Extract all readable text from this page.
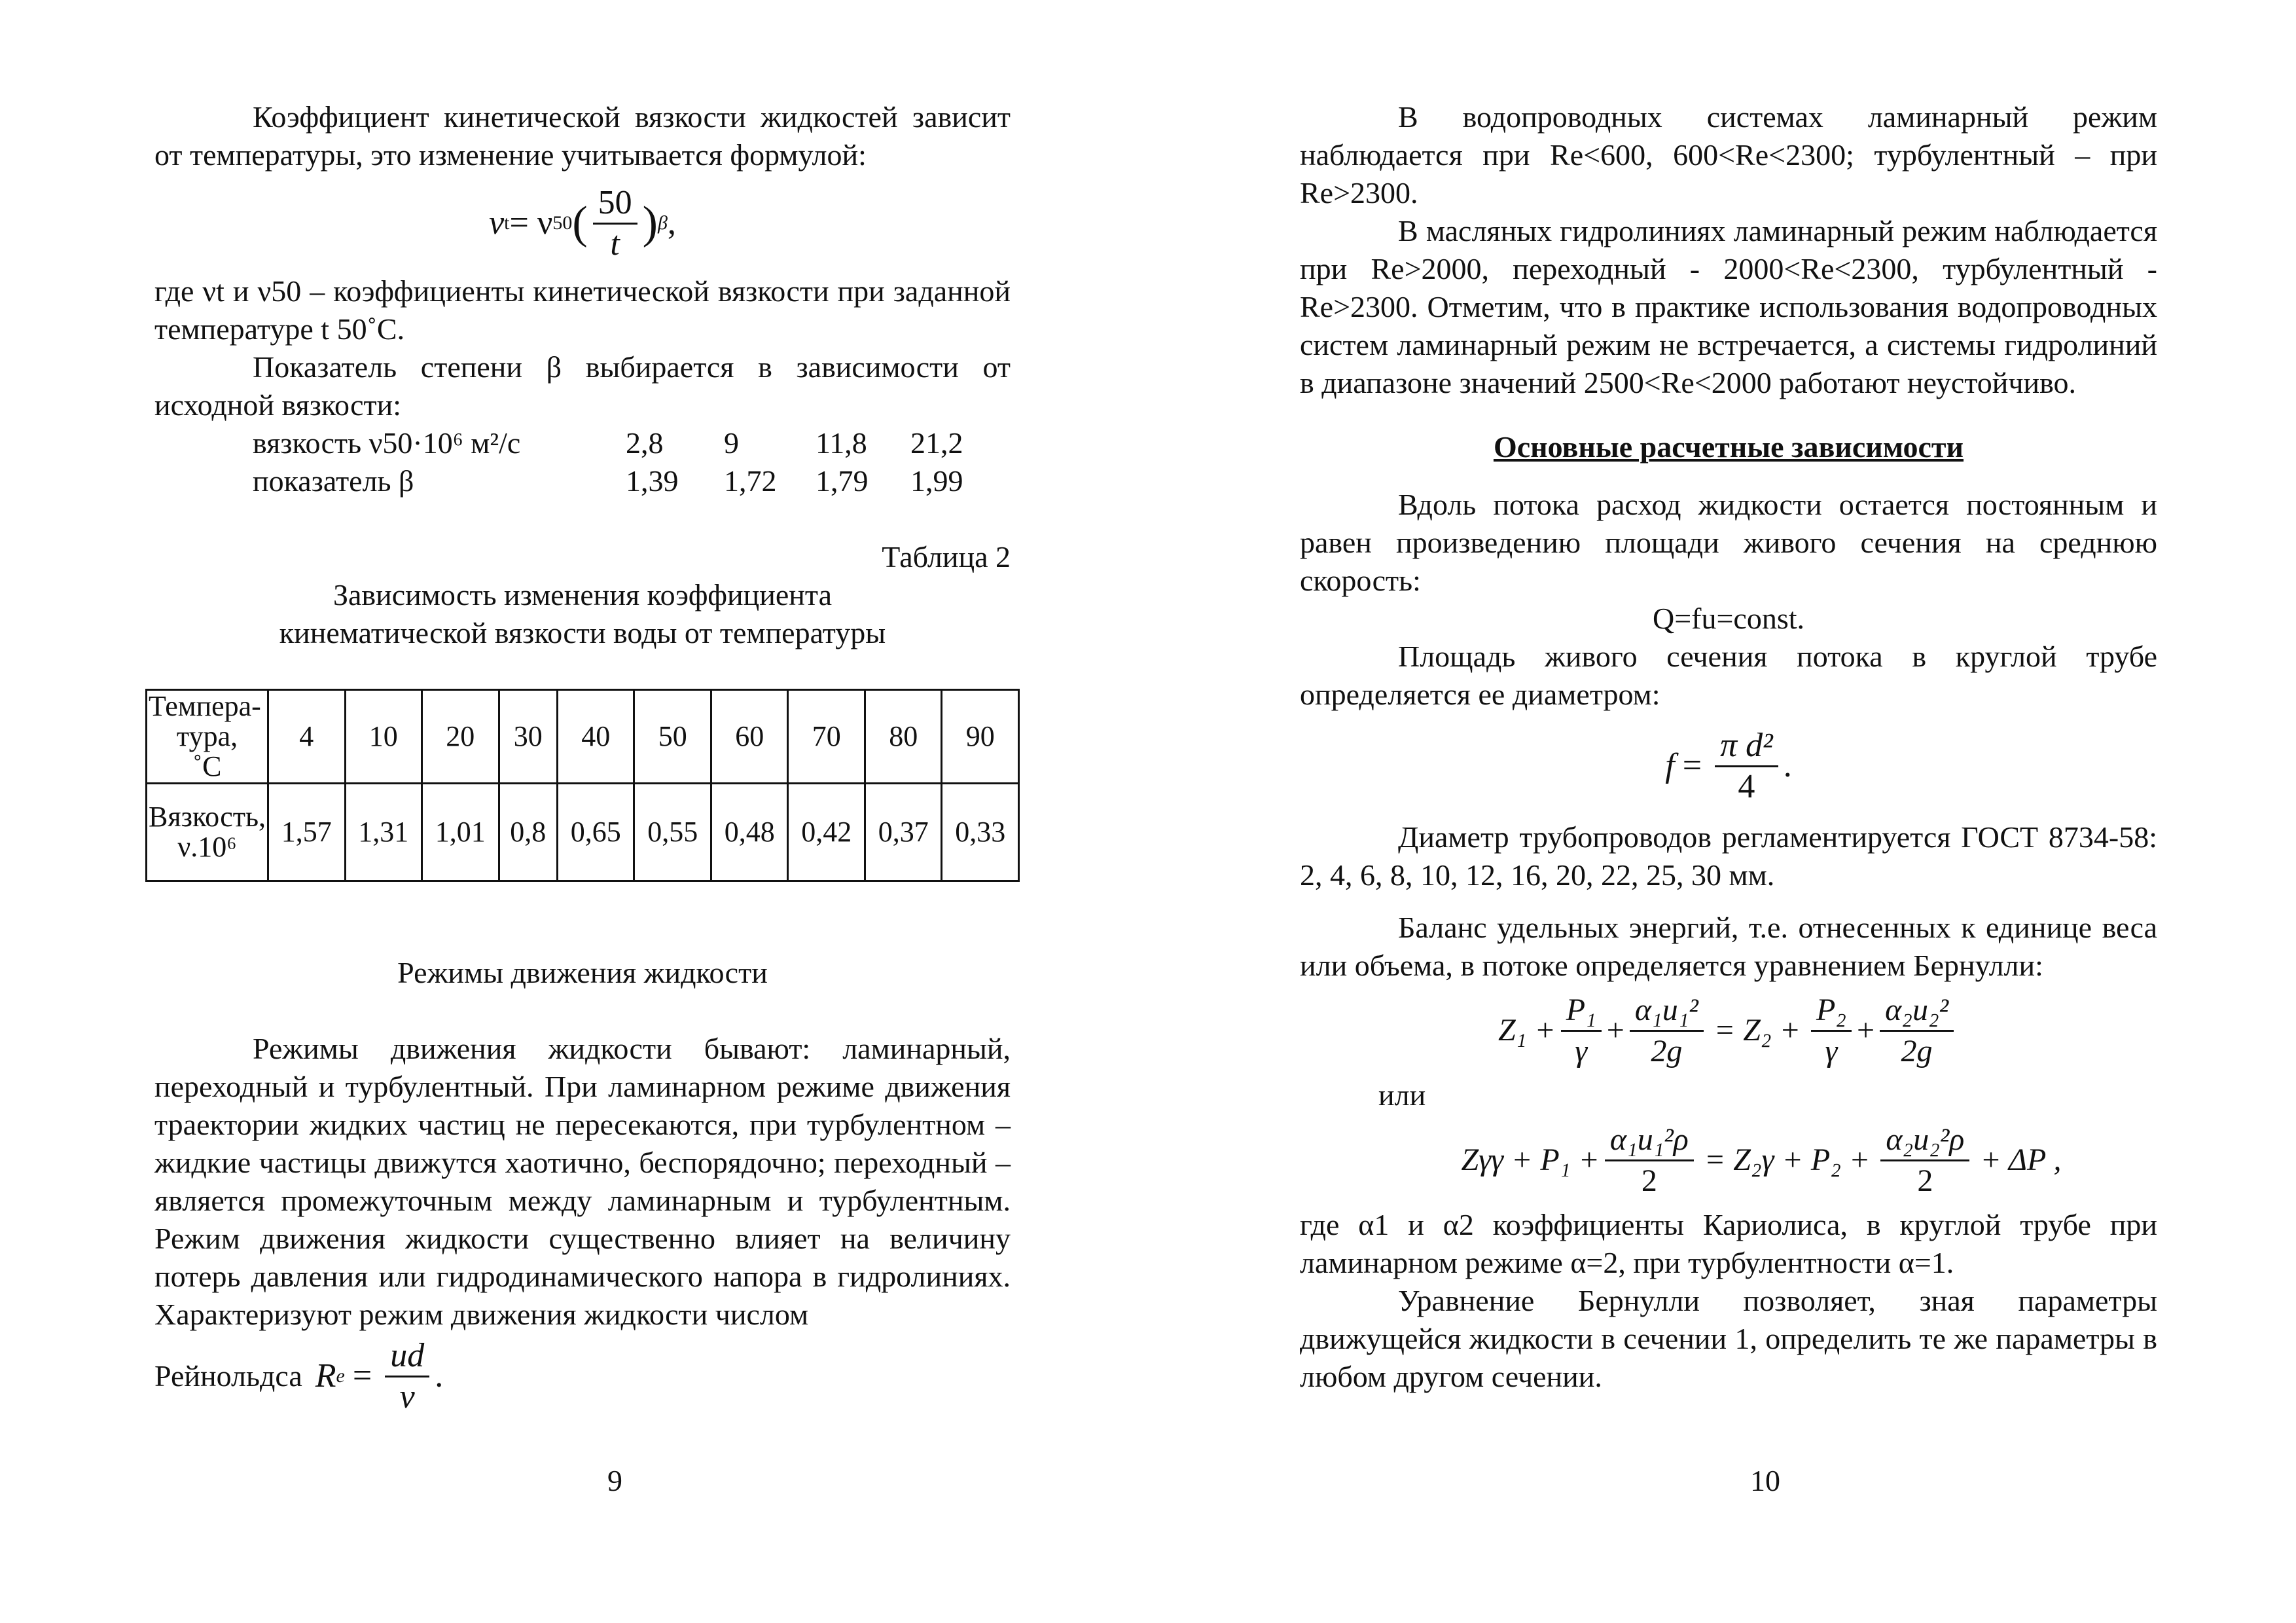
Коэффициент кинетической вязкости жидкостей зависит от температуры, это изменение учитывается формулой:

ν t = ν 50 ( $\frac{50}{t}$ ) β ,

где νt и ν50 – коэффициенты кинетической вязкости при заданной температуре t 50˚С.

Показатель степени β выбирается в зависимости от исходной вязкости:

вязкость ν50·10⁶ м²/с	2,8	9	11,8	21,2
показатель β	1,39	1,72	1,79	1,99

Таблица 2

Зависимость изменения коэффициента

кинематической вязкости воды от температуры

Темпера-
тура,
˚С	4	10	20	30	40	50	60	70	80	90

Вязкость,
ν.10⁶	1,57	1,31	1,01	0,8	0,65	0,55	0,48	0,42	0,37	0,33

Режимы движения жидкости

Режимы движения жидкости бывают: ламинарный, переходный и турбулентный. При ламинарном режиме движения траектории жидких частиц не пересекаются, при турбулентном – жидкие частицы движутся хаотично, беспорядочно; переходный – является промежуточным между ламинарным и турбулентным. Режим движения жидкости существенно влияет на величину потерь давления или гидродинамического напора в гидролиниях. Характеризуют режим движения жидкости числом

Рейнольдса R $e = \frac{ud}{\nu}$ .
9

В водопроводных системах ламинарный режим наблюдается при Re<600, 600<Re<2300; турбулентный – при Re>2300.

В масляных гидролиниях ламинарный режим наблюдается при Re>2000, переходный - 2000<Re<2300, турбулентный - Re>2300. Отметим, что в практике использования водопроводных систем ламинарный режим не встречается, а системы гидролиний в диапазоне значений 2500<Re<2000 работают неустойчиво.

Основные расчетные зависимости

Вдоль потока расход жидкости остается постоянным и равен произведению площади живого сечения на среднюю скорость:

Q=fu=const.

Площадь живого сечения потока в круглой трубе определяется ее диаметром:

$f = \frac{\text{π d²}}{4}$ .

Диаметр трубопроводов регламентируется ГОСТ 8734-58: 2, 4, 6, 8, 10, 12, 16, 20, 22, 25, 30 мм.

Баланс удельных энергий, т.е. отнесенных к единице веса или объема, в потоке определяется уравнением Бернулли:

$Z_1 + \frac{\text{P₁}}{\gamma} + \frac{\text{α₁u₁²}}{2g} = Z_2 + \frac{\text{P₂}}{\gamma} + \frac{\text{α₂u₂²}}{2g}$

или

$Z\gamma\gamma + P_1 + \frac{\text{α₁u₁²ρ}}{2} = Z_2\gamma + P_2 + \frac{\text{α₂u₂²ρ}}{2} + \Delta P$ ,

где α1 и α2 коэффициенты Кариолиса, в круглой трубе при ламинарном режиме α=2, при турбулентности α=1.

Уравнение Бернулли позволяет, зная параметры движущейся жидкости в сечении 1, определить те же параметры в любом другом сечении.

10
